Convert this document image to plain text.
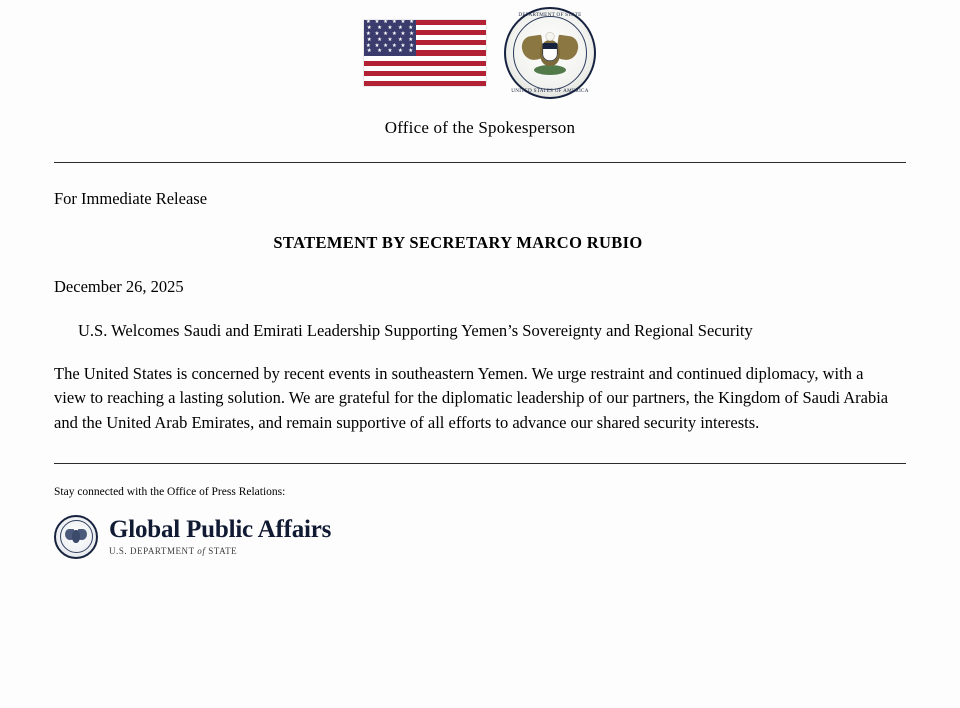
★ ★ ★ ★ ★ ★
★ ★ ★ ★ ★
★ ★ ★ ★ ★ ★
★ ★ ★ ★ ★
★ ★ ★ ★ ★ ★
★ ★ ★ ★ ★
DEPARTMENT OF STATE
UNITED STATES OF AMERICA
Office of the Spokesperson
For Immediate Release
STATEMENT BY SECRETARY MARCO RUBIO
December 26, 2025
U.S. Welcomes Saudi and Emirati Leadership Supporting Yemen’s Sovereignty and Regional Security
The United States is concerned by recent events in southeastern Yemen. We urge restraint and continued diplomacy, with a view to reaching a lasting solution. We are grateful for the diplomatic leadership of our partners, the Kingdom of Saudi Arabia and the United Arab Emirates, and remain supportive of all efforts to advance our shared security interests.
Stay connected with the Office of Press Relations:
Global Public Affairs
U.S. DEPARTMENT of STATE
